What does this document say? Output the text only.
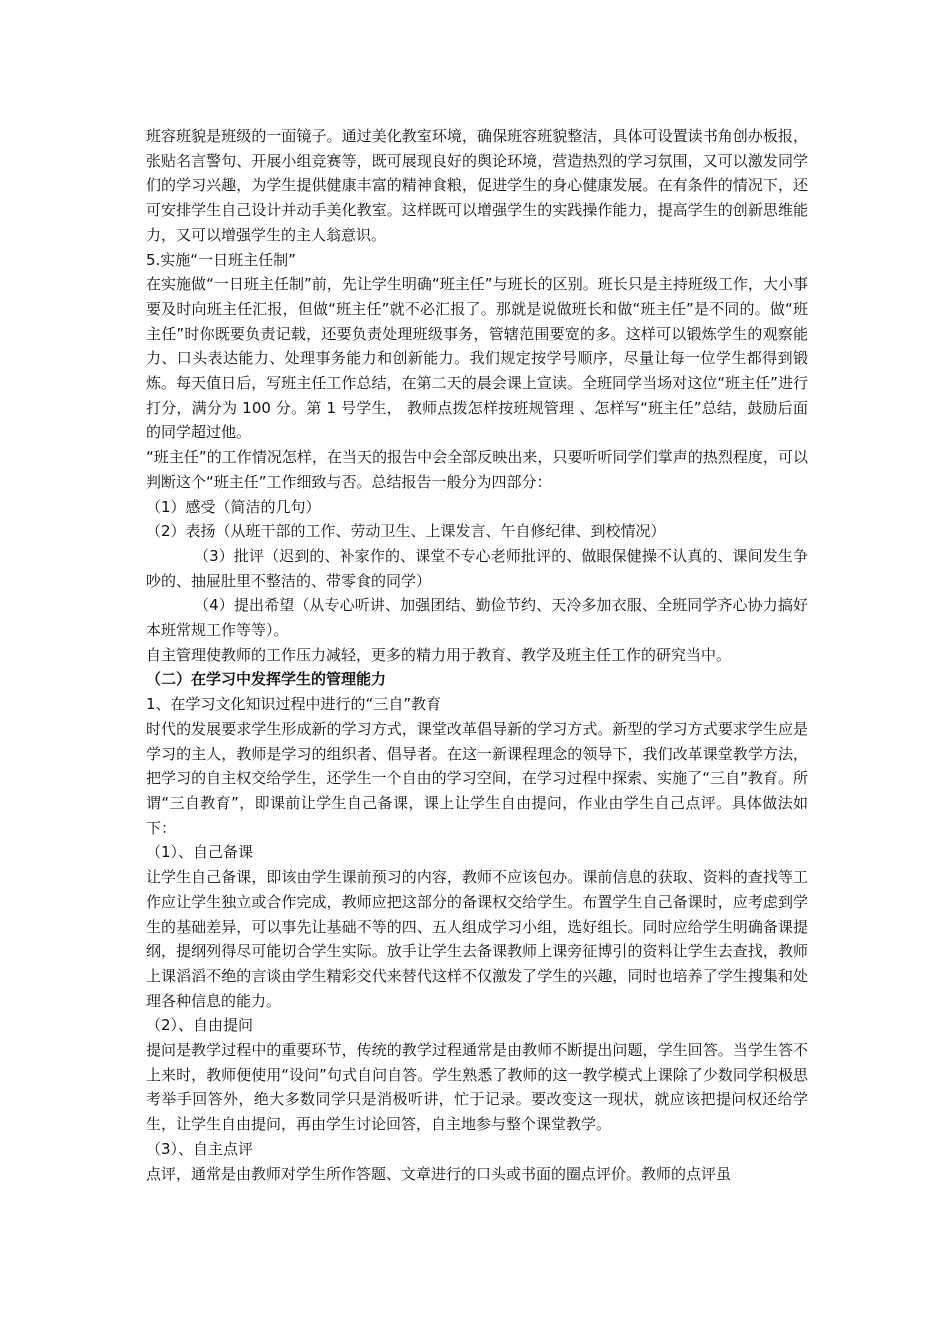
班容班貌是班级的一面镜子。通过美化教室环境，确保班容班貌整洁，具体可设置读书角创办板报，张贴名言警句、开展小组竞赛等，既可展现良好的舆论环境，营造热烈的学习氛围，又可以激发同学们的学习兴趣，为学生提供健康丰富的精神食粮，促进学生的身心健康发展。在有条件的情况下，还可安排学生自己设计并动手美化教室。这样既可以增强学生的实践操作能力，提高学生的创新思维能力，又可以增强学生的主人翁意识。

5.实施“一日班主任制”

在实施做“一日班主任制”前，先让学生明确“班主任”与班长的区别。班长只是主持班级工作，大小事要及时向班主任汇报，但做“班主任”就不必汇报了。那就是说做班长和做“班主任”是不同的。做“班主任”时你既要负责记载，还要负责处理班级事务，管辖范围要宽的多。这样可以锻炼学生的观察能力、口头表达能力、处理事务能力和创新能力。我们规定按学号顺序，尽量让每一位学生都得到锻炼。每天值日后，写班主任工作总结，在第二天的晨会课上宣读。全班同学当场对这位“班主任”进行打分，满分为 100 分。第 1 号学生， 教师点拨怎样按班规管理 、怎样写“班主任”总结，鼓励后面的同学超过他。

“班主任”的工作情况怎样，在当天的报告中会全部反映出来，只要听听同学们掌声的热烈程度，可以判断这个“班主任”工作细致与否。总结报告一般分为四部分：

（1）感受（简洁的几句）

（2）表扬（从班干部的工作、劳动卫生、上课发言、午自修纪律、到校情况）

（3）批评（迟到的、补家作的、课堂不专心老师批评的、做眼保健操不认真的、课间发生争吵的、抽屉肚里不整洁的、带零食的同学）

（4）提出希望（从专心听讲、加强团结、勤俭节约、天冷多加衣服、全班同学齐心协力搞好本班常规工作等等）。

自主管理使教师的工作压力减轻，更多的精力用于教育、教学及班主任工作的研究当中。

（二）在学习中发挥学生的管理能力

1、在学习文化知识过程中进行的“三自”教育

时代的发展要求学生形成新的学习方式，课堂改革倡导新的学习方式。新型的学习方式要求学生应是学习的主人，教师是学习的组织者、倡导者。在这一新课程理念的领导下，我们改革课堂教学方法，把学习的自主权交给学生，还学生一个自由的学习空间，在学习过程中探索、实施了“三自”教育。所谓“三自教育”，即课前让学生自己备课，课上让学生自由提问，作业由学生自己点评。具体做法如下：

（1）、自己备课

让学生自己备课，即该由学生课前预习的内容，教师不应该包办。课前信息的获取、资料的查找等工作应让学生独立或合作完成，教师应把这部分的备课权交给学生。布置学生自己备课时，应考虑到学生的基础差异，可以事先让基础不等的四、五人组成学习小组，选好组长。同时应给学生明确备课提纲，提纲列得尽可能切合学生实际。放手让学生去备课教师上课旁征博引的资料让学生去查找，教师上课滔滔不绝的言谈由学生精彩交代来替代这样不仅激发了学生的兴趣，同时也培养了学生搜集和处理各种信息的能力。

（2）、自由提问

提问是教学过程中的重要环节，传统的教学过程通常是由教师不断提出问题，学生回答。当学生答不上来时，教师便使用“设问”句式自问自答。学生熟悉了教师的这一教学模式上课除了少数同学积极思考举手回答外，绝大多数同学只是消极听讲，忙于记录。要改变这一现状，就应该把提问权还给学生，让学生自由提问，再由学生讨论回答，自主地参与整个课堂教学。

（3）、自主点评

点评，通常是由教师对学生所作答题、文章进行的口头或书面的圈点评价。教师的点评虽
